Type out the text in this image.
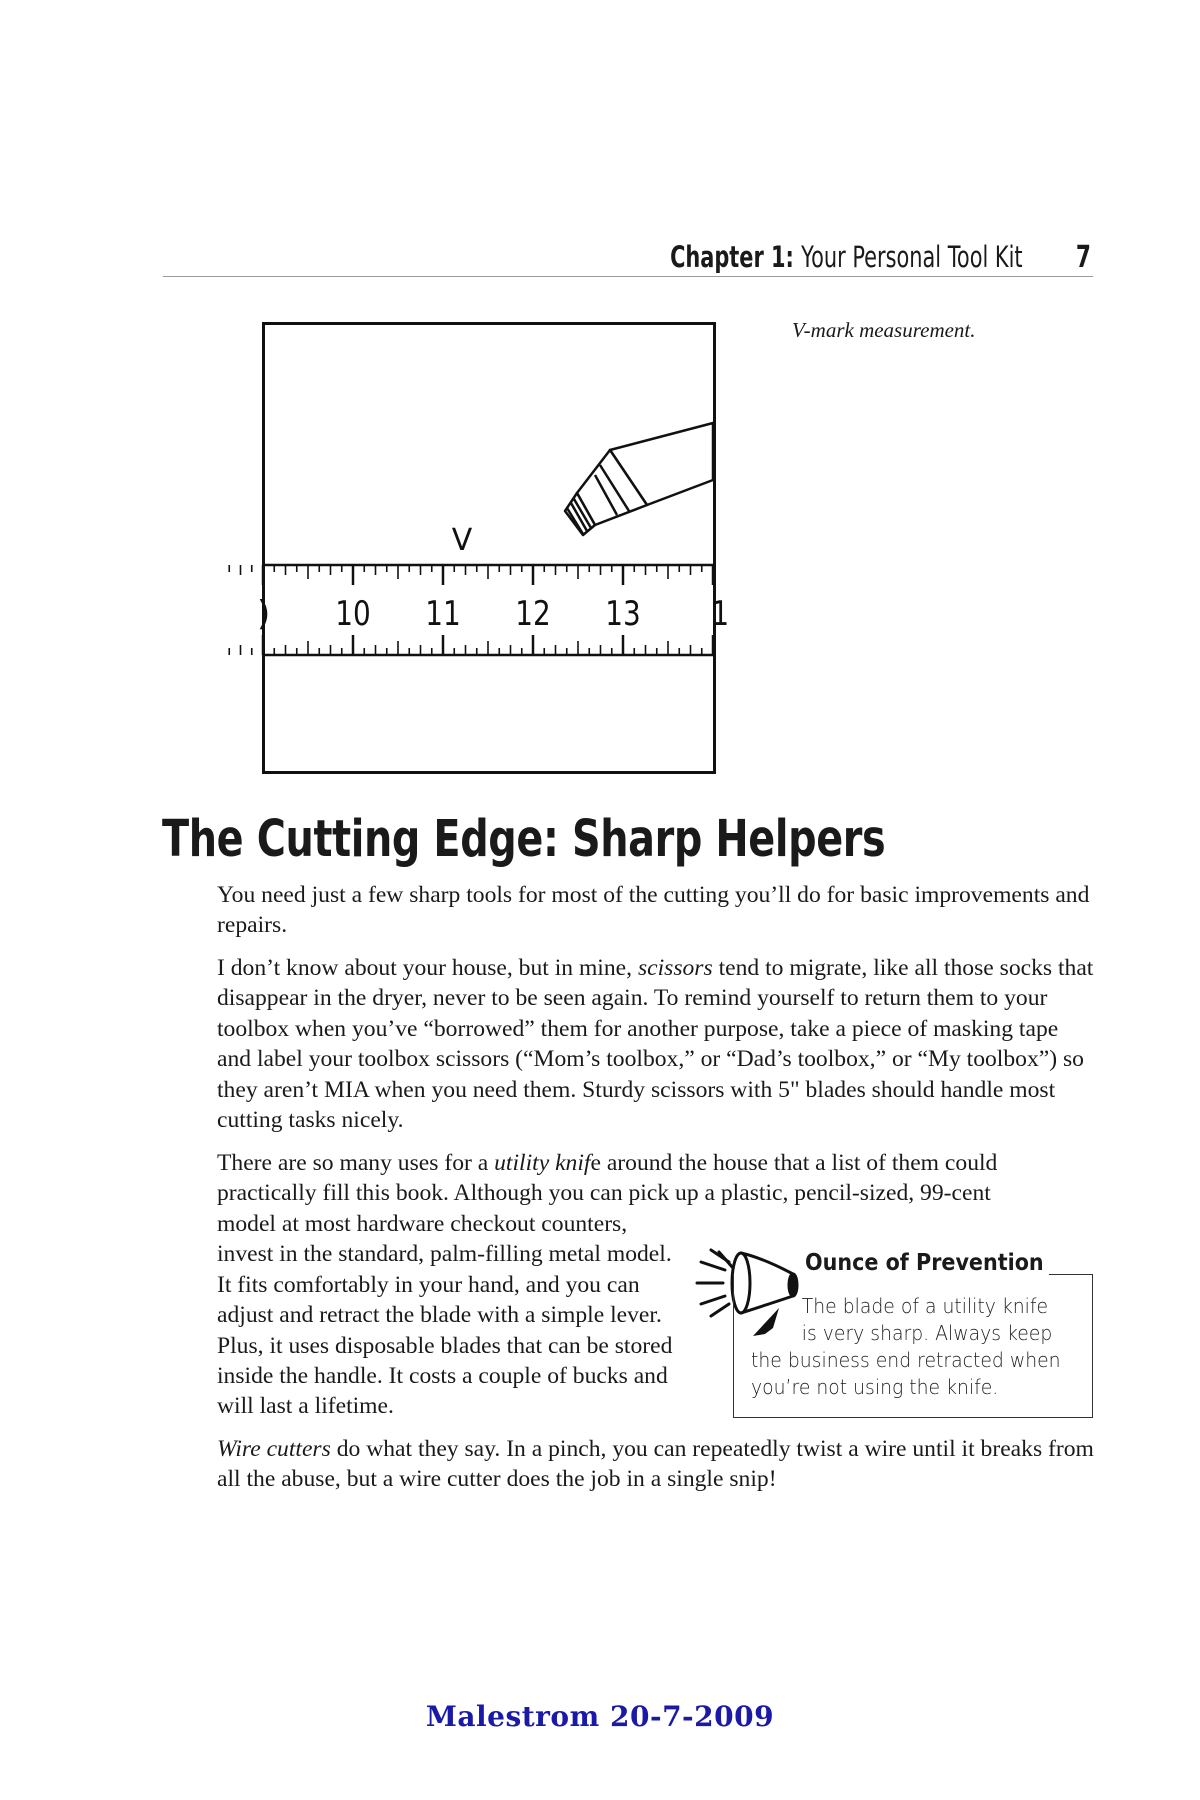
Chapter 1: Your Personal Tool Kit 7
) 10 11 12 13 1
V
V-mark measurement.
The Cutting Edge: Sharp Helpers

You need just a few sharp tools for most of the cutting you’ll do for basic improvements and repairs.

I don’t know about your house, but in mine, scissors tend to migrate, like all those socks that disappear in the dryer, never to be seen again. To remind yourself to return them to your toolbox when you’ve “borrowed” them for another purpose, take a piece of masking tape and label your toolbox scissors (“Mom’s toolbox,” or “Dad’s toolbox,” or “My toolbox”) so they aren’t MIA when you need them. Sturdy scissors with 5" blades should handle most cutting tasks nicely.

There are so many uses for a utility knife around the house that a list of them could practically fill this book. Although you can pick up a plastic, pencil-sized, 99-cent

model at most hardware checkout counters, invest in the standard, palm-filling metal model. It fits comfortably in your hand, and you can adjust and retract the blade with a simple lever. Plus, it uses disposable blades that can be stored inside the handle. It costs a couple of bucks and will last a lifetime.

Ounce of Prevention
The blade of a utility knife
is very sharp. Always keep
the business end retracted when you’re not using the knife.

Wire cutters do what they say. In a pinch, you can repeatedly twist a wire until it breaks from all the abuse, but a wire cutter does the job in a single snip!

Malestrom 20-7-2009
